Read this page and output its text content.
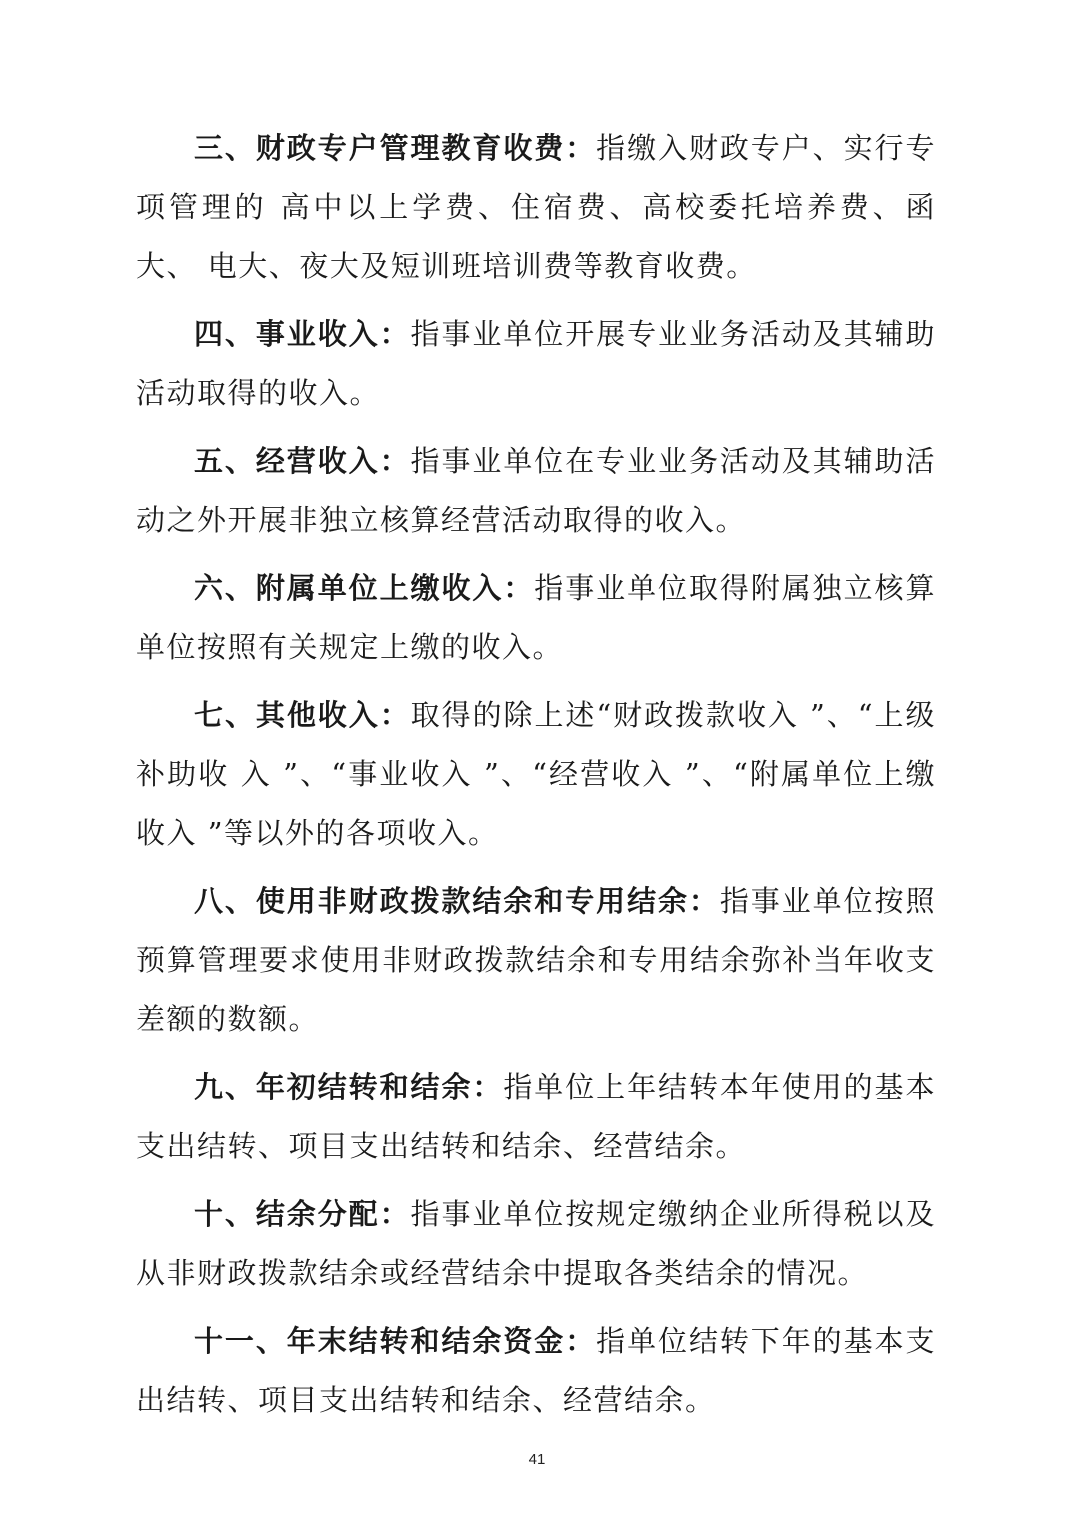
三、财政专户管理教育收费：指缴入财政专户、实行专项管理的 高中以上学费、住宿费、高校委托培养费、函大、 电大、夜大及短训班培训费等教育收费。

四、事业收入：指事业单位开展专业业务活动及其辅助活动取得的收入。

五、经营收入：指事业单位在专业业务活动及其辅助活动之外开展非独立核算经营活动取得的收入。

六、附属单位上缴收入：指事业单位取得附属独立核算单位按照有关规定上缴的收入。

七、其他收入：取得的除上述“财政拨款收入 ”、“上级补助收 入 ”、“事业收入 ”、“经营收入 ”、“附属单位上缴收入 ”等以外的各项收入。

八、使用非财政拨款结余和专用结余：指事业单位按照预算管理要求使用非财政拨款结余和专用结余弥补当年收支差额的数额。

九、年初结转和结余：指单位上年结转本年使用的基本支出结转、项目支出结转和结余、经营结余。

十、结余分配：指事业单位按规定缴纳企业所得税以及从非财政拨款结余或经营结余中提取各类结余的情况。

十一、年末结转和结余资金：指单位结转下年的基本支出结转、项目支出结转和结余、经营结余。

41
